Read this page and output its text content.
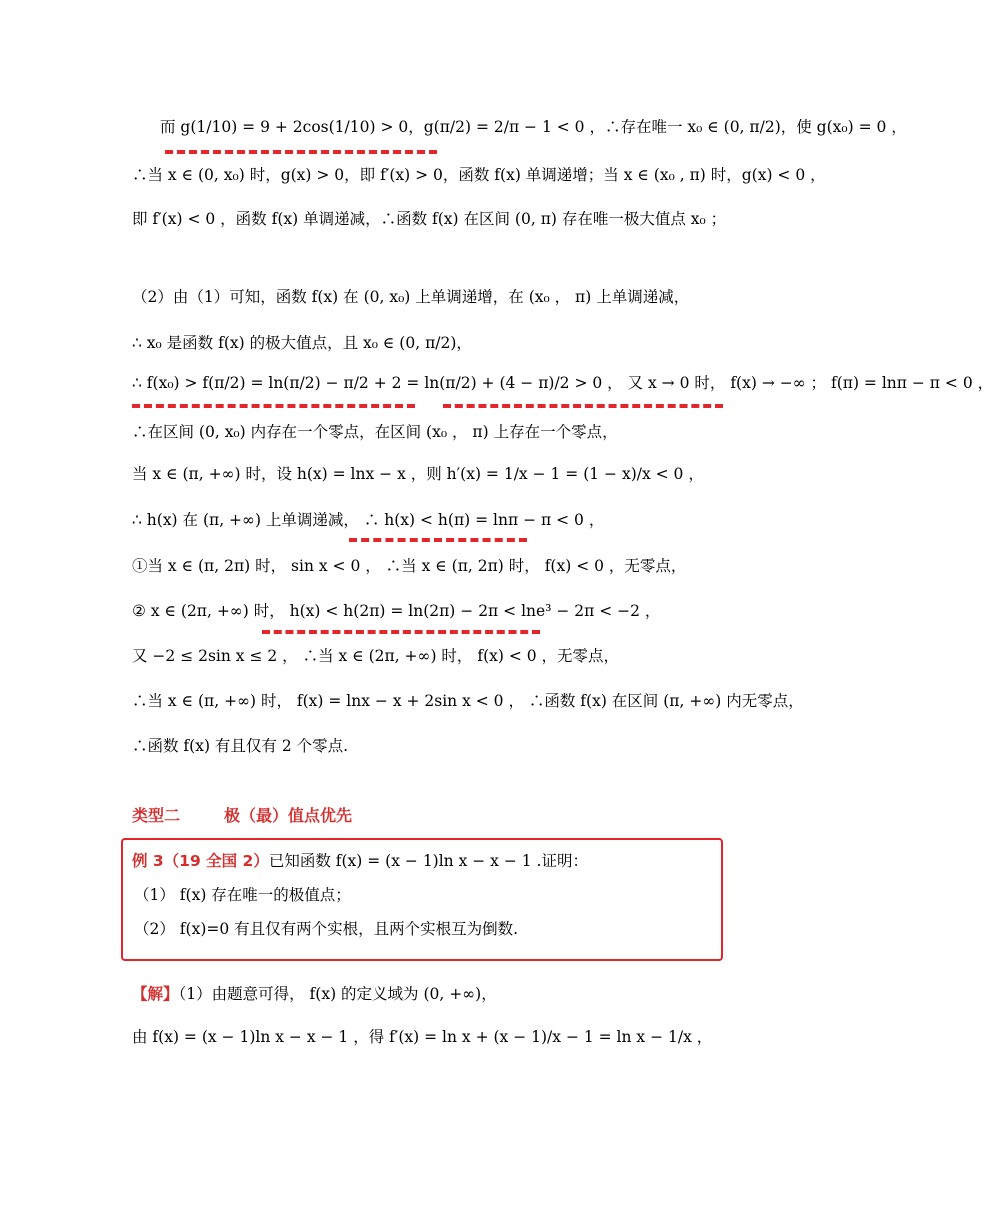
而 g(1/10) = 9 + 2cos(1/10) > 0，g(π/2) = 2/π − 1 < 0 ，∴存在唯一 x₀ ∈ (0, π/2)，使 g(x₀) = 0 ，
∴当 x ∈ (0, x₀) 时，g(x) > 0，即 f′(x) > 0，函数 f(x) 单调递增；当 x ∈ (x₀ , π) 时，g(x) < 0 ，
即 f′(x) < 0 ，函数 f(x) 单调递减，∴函数 f(x) 在区间 (0, π) 存在唯一极大值点 x₀ ；
（2）由（1）可知，函数 f(x) 在 (0, x₀) 上单调递增，在 (x₀ ， π) 上单调递减，
∴ x₀ 是函数 f(x) 的极大值点，且 x₀ ∈ (0, π/2)，
∴ f(x₀) > f(π/2) = ln(π/2) − π/2 + 2 = ln(π/2) + (4 − π)/2 > 0 ， 又 x → 0 时， f(x) → −∞ ； f(π) = lnπ − π < 0 ，
∴在区间 (0, x₀) 内存在一个零点，在区间 (x₀ ， π) 上存在一个零点，
当 x ∈ (π, +∞) 时，设 h(x) = lnx − x ，则 h′(x) = 1/x − 1 = (1 − x)/x < 0 ，
∴ h(x) 在 (π, +∞) 上单调递减， ∴ h(x) < h(π) = lnπ − π < 0 ，
①当 x ∈ (π, 2π) 时， sin x < 0 ， ∴当 x ∈ (π, 2π) 时， f(x) < 0 ，无零点，
② x ∈ (2π, +∞) 时， h(x) < h(2π) = ln(2π) − 2π < lne³ − 2π < −2 ，
又 −2 ≤ 2sin x ≤ 2 ， ∴当 x ∈ (2π, +∞) 时， f(x) < 0 ，无零点，
∴当 x ∈ (π, +∞) 时， f(x) = lnx − x + 2sin x < 0 ， ∴函数 f(x) 在区间 (π, +∞) 内无零点，
∴函数 f(x) 有且仅有 2 个零点.
类型二	极（最）值点优先
例 3（19 全国 2）已知函数 f(x) = (x − 1)ln x − x − 1 .证明：
（1） f(x) 存在唯一的极值点；
（2） f(x)=0 有且仅有两个实根，且两个实根互为倒数.
【解】（1）由题意可得， f(x) 的定义域为 (0, +∞)，
由 f(x) = (x − 1)ln x − x − 1 ，得 f′(x) = ln x + (x − 1)/x − 1 = ln x − 1/x ，
